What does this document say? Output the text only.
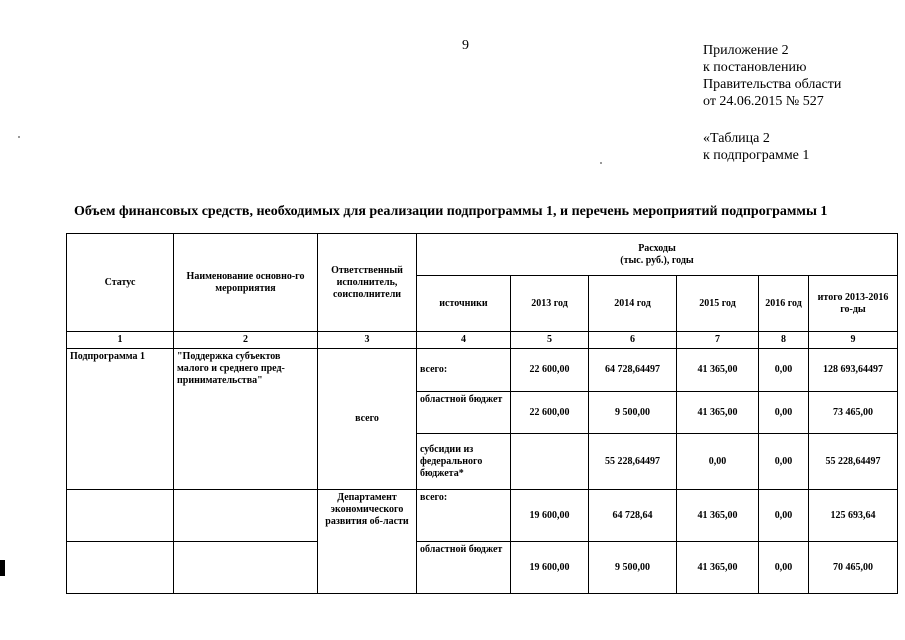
9	Приложение 2
к постановлению
Правительства области
от 24.06.2015 № 527
«Таблица 2
к подпрограмме 1
Объем финансовых средств, необходимых для реализации подпрограммы 1, и перечень мероприятий подпрограммы 1
Статус	Наименование основно-го мероприятия	Ответственный исполнитель, соисполнители	Расходы
(тыс. руб.), годы					

			источники	2013 год	2014 год	2015 год	2016 год	итого 2013-2016 го-ды
1	2	3	4	5	6	7	8	9
Подпрограмма 1	"Поддержка субъектов малого и среднего пред-принимательства"	всего	всего:	22 600,00	64 728,64497	41 365,00	0,00	128 693,64497
			областной бюджет	22 600,00	9 500,00	41 365,00	0,00	73 465,00
			субсидии из федерального бюджета*		55 228,64497	0,00	0,00	55 228,64497
		Департамент экономического развития об-ласти	всего:	19 600,00	64 728,64	41 365,00	0,00	125 693,64
			областной бюджет	19 600,00	9 500,00	41 365,00	0,00	70 465,00
